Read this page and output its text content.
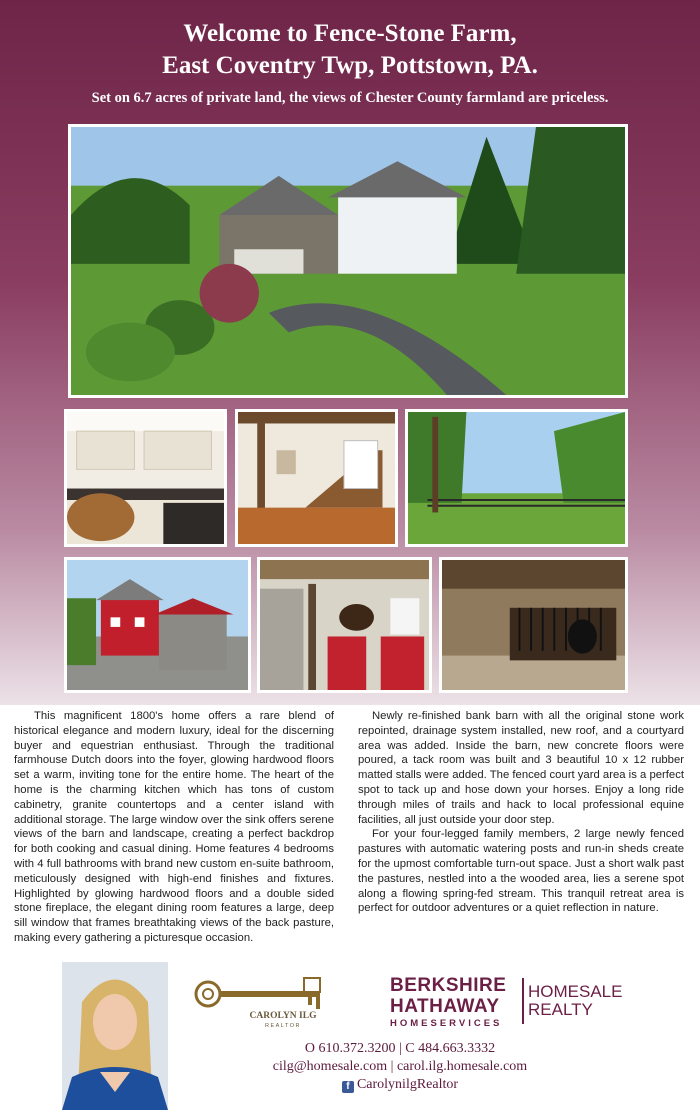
Welcome to Fence-Stone Farm,
East Coventry Twp, Pottstown, PA.
Set on 6.7 acres of private land, the views of Chester County farmland are priceless.

This magnificent 1800's home offers a rare blend of historical elegance and modern luxury, ideal for the discerning buyer and equestrian enthusiast. Through the traditional farmhouse Dutch doors into the foyer, glowing hardwood floors set a warm, inviting tone for the entire home. The heart of the home is the charming kitchen which has tons of custom cabinetry, granite countertops and a center island with additional storage. The large window over the sink offers serene views of the barn and landscape, creating a perfect backdrop for both cooking and casual dining. Home features 4 bedrooms with 4 full bathrooms with brand new custom en-suite bathroom, meticulously designed with high-end finishes and fixtures. Highlighted by glowing hardwood floors and a double sided stone fireplace, the elegant dining room features a large, deep sill window that frames breathtaking views of the back pasture, making every gathering a picturesque occasion.

Newly re-finished bank barn with all the original stone work repointed, drainage system installed, new roof, and a courtyard area was added. Inside the barn, new concrete floors were poured, a tack room was built and 3 beautiful 10 x 12 rubber matted stalls were added. The fenced court yard area is a perfect spot to tack up and hose down your horses. Enjoy a long ride through miles of trails and hack to local professional equine facilities, all just outside your door step.

For your four-legged family members, 2 large newly fenced pastures with automatic watering posts and run-in sheds create for the upmost comfortable turn-out space. Just a short walk past the pastures, nestled into a the wooded area, lies a serene spot along a flowing spring-fed stream. This tranquil retreat area is perfect for outdoor adventures or a quiet reflection in nature.

CAROLYN ILG
REALTOR
BERKSHIRE
HATHAWAY
HOMESERVICES
HOMESALE
REALTY
O 610.372.3200 | C 484.663.3332
cilg@homesale.com | carol.ilg.homesale.com
f CarolynilgRealtor
